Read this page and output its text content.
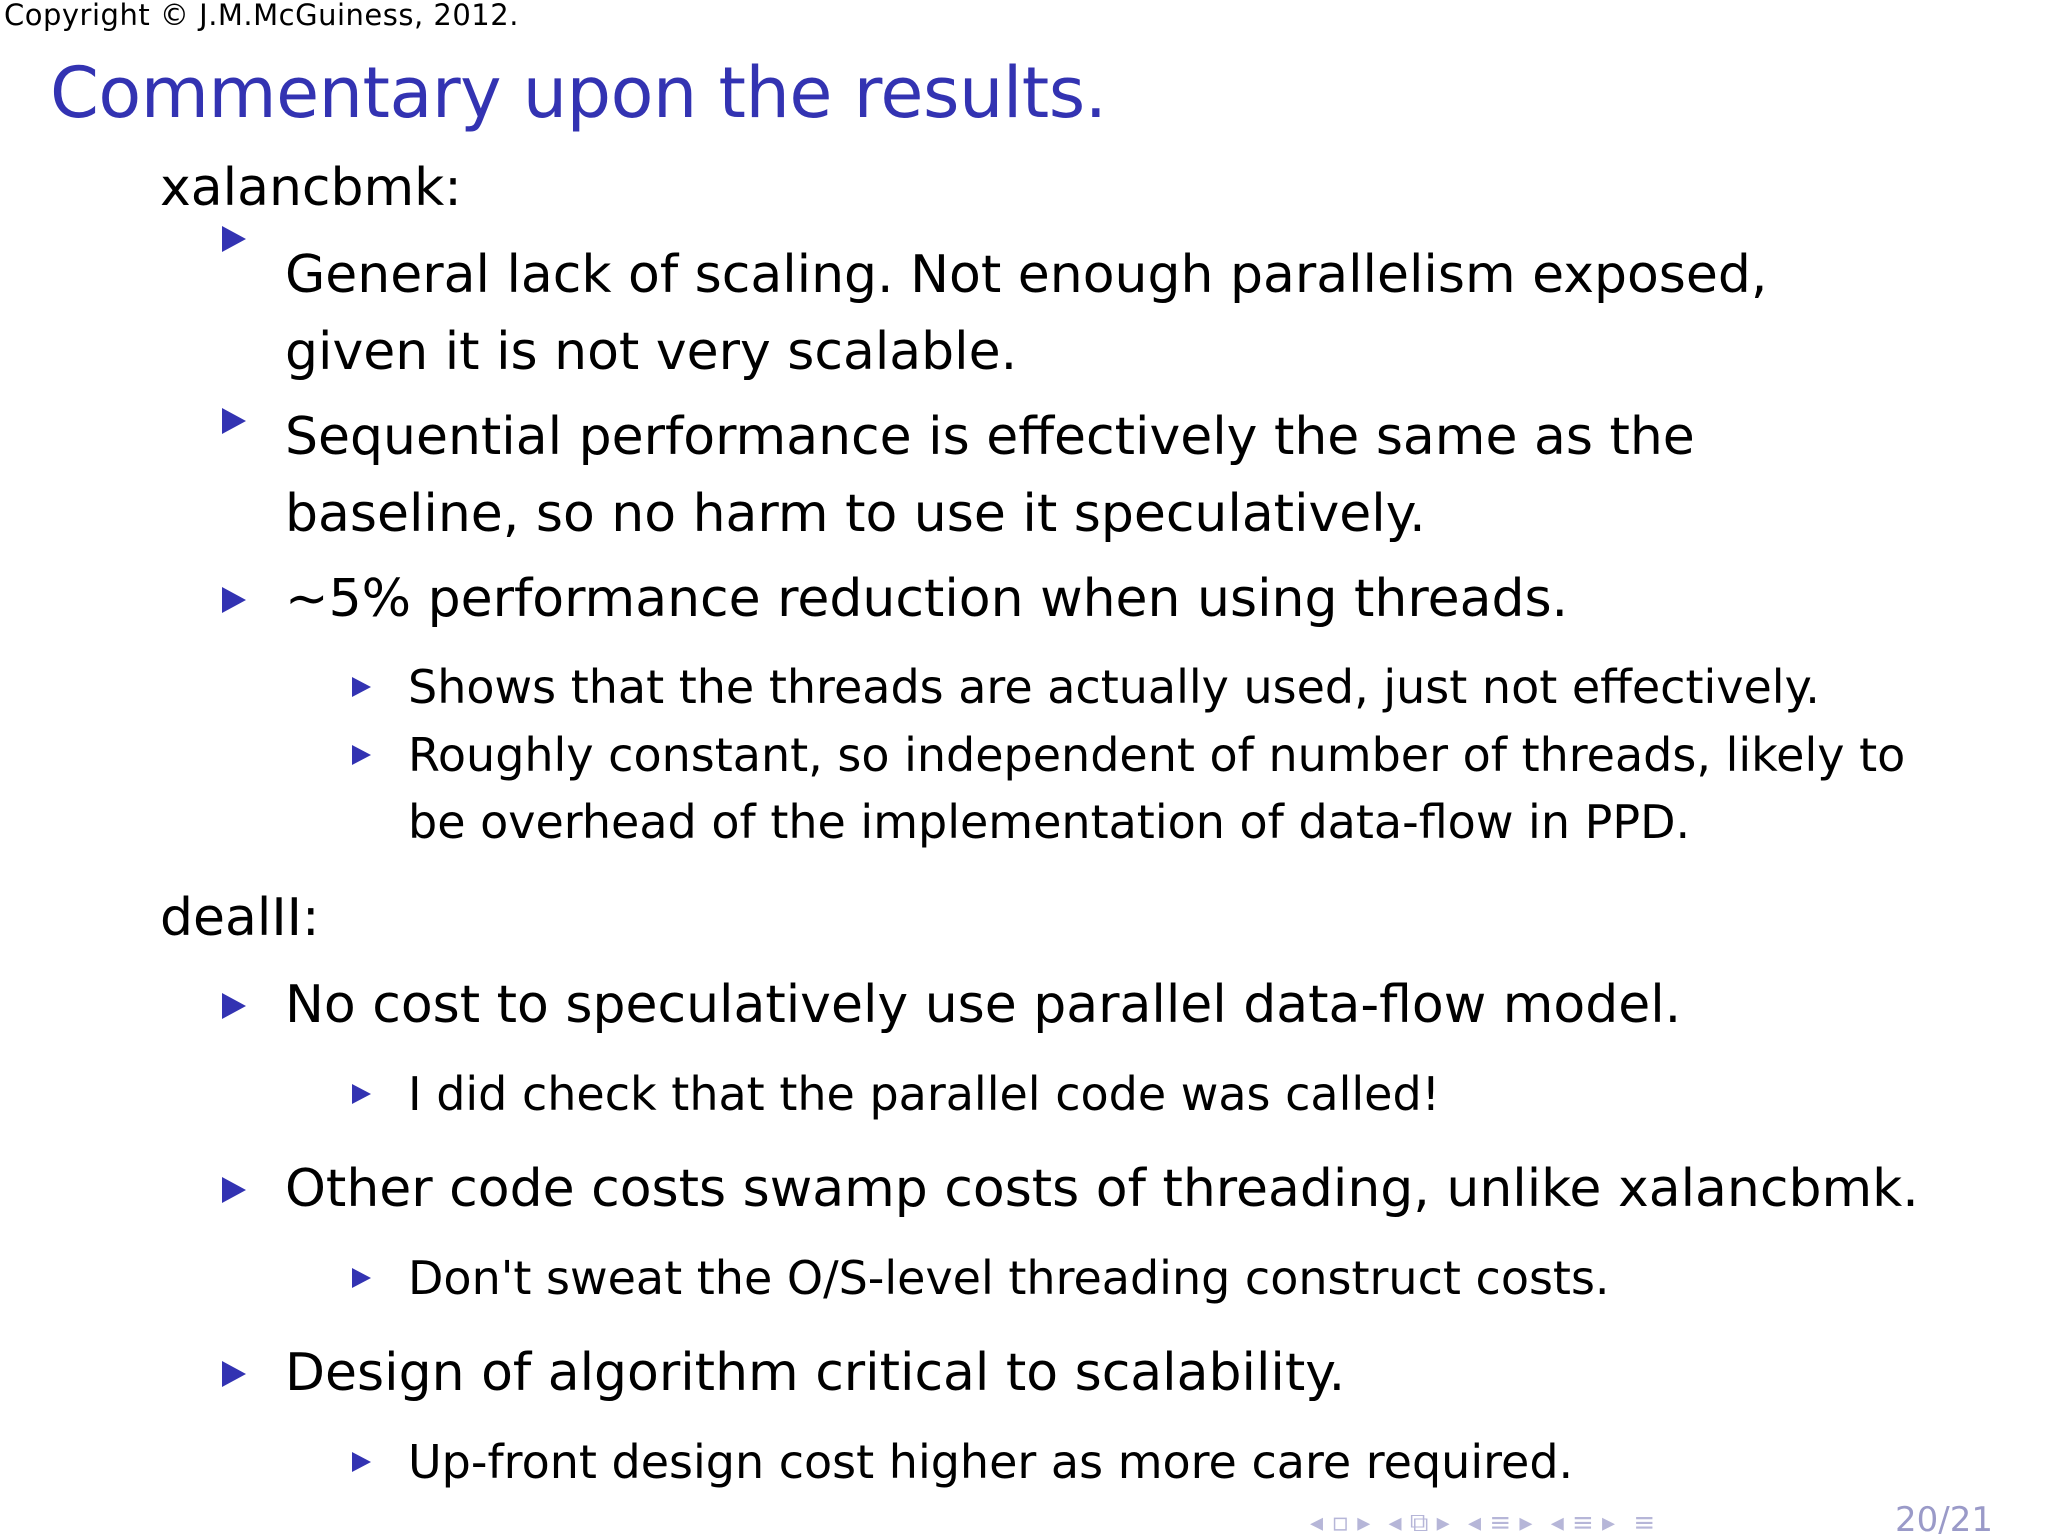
Copyright © J.M.McGuiness, 2012.
Commentary upon the results.
xalancbmk:
General lack of scaling. Not enough parallelism exposed, given it is not very scalable.
Sequential performance is effectively the same as the baseline, so no harm to use it speculatively.
~5% performance reduction when using threads.
Shows that the threads are actually used, just not effectively.
Roughly constant, so independent of number of threads, likely to be overhead of the implementation of data-flow in PPD.
dealII:
No cost to speculatively use parallel data-flow model.
I did check that the parallel code was called!
Other code costs swamp costs of threading, unlike xalancbmk.
Don't sweat the O/S-level threading construct costs.
Design of algorithm critical to scalability.
Up-front design cost higher as more care required.
◂ ▫ ▸ ◂ ⧉ ▸ ◂ ≡ ▸ ◂ ≡ ▸ ≡	20/21
